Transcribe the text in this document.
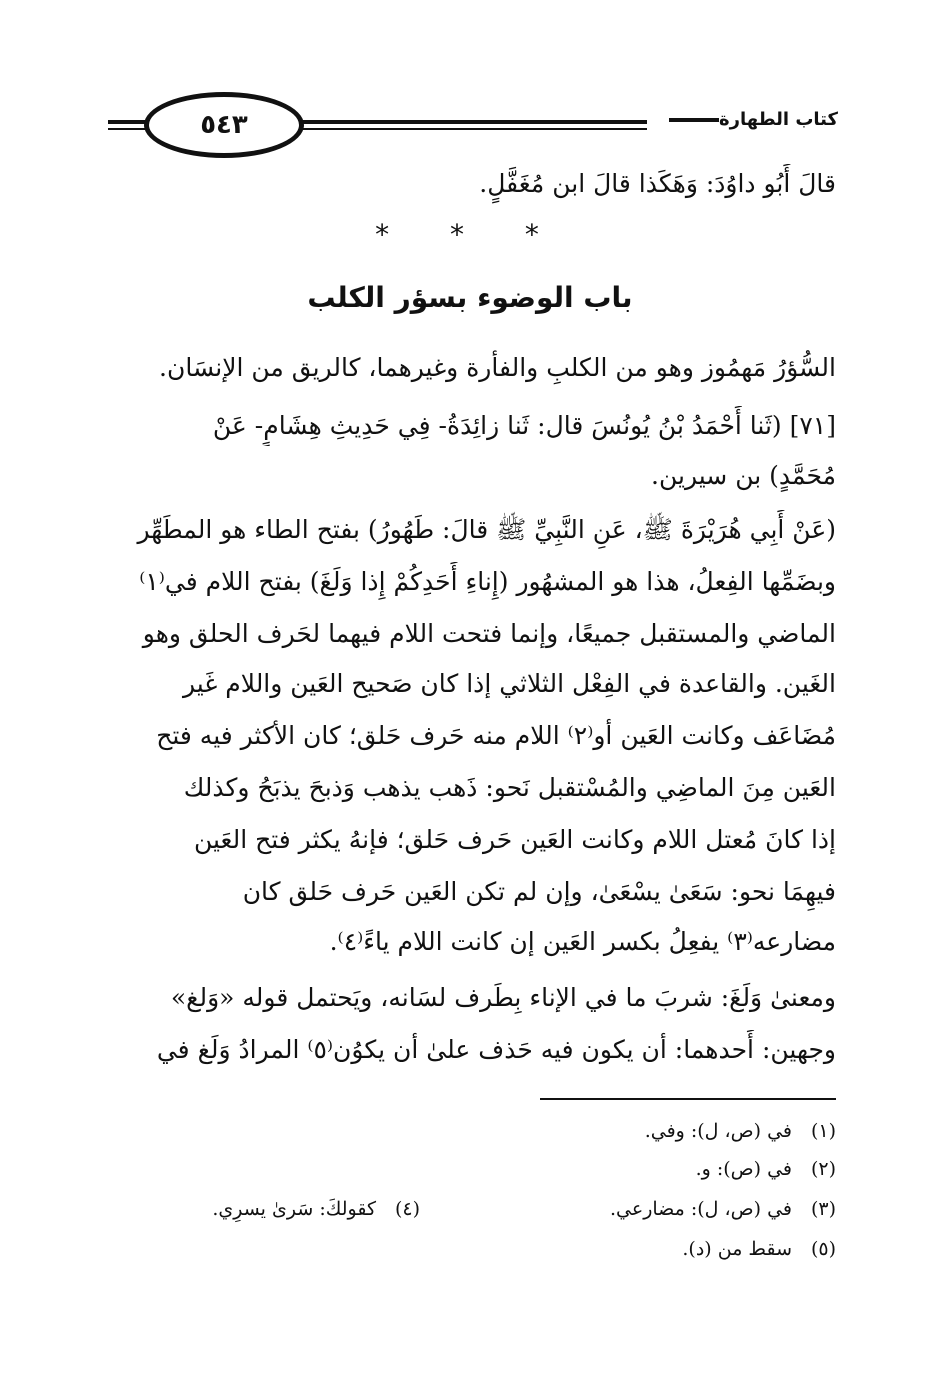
كتاب الطهارة
٥٤٣
قالَ أَبُو داوُدَ: وَهَكَذا قالَ ابن مُغَفَّلٍ.
* * *
باب الوضوء بسؤر الكلب
السُّؤرُ مَهمُوز وهو من الكلبِ والفأرة وغيرهما، كالريق من الإنسَان.
[٧١] (ثَنا أَحْمَدُ بْنُ يُونُسَ قال: ثَنا زائِدَةُ- فِي حَدِيثِ هِشَامٍ- عَنْ
مُحَمَّدٍ) بن سيرين.
(عَنْ أَبِي هُرَيْرَةَ ﷺ، عَنِ النَّبِيِّ ﷺ قالَ: طَهُورُ) بفتح الطاء هو المطَهِّر
وبضَمِّها الفِعلُ، هذا هو المشهُور (إِناءِ أَحَدِكُمْ إِذا وَلَغَ) بفتح اللام في⁽١⁾
الماضي والمستقبل جميعًا، وإنما فتحت اللام فيهما لحَرف الحلق وهو
الغَين. والقاعدة في الفِعْل الثلاثي إذا كان صَحيح العَين واللام غَير
مُضَاعَف وكانت العَين أو⁽٢⁾ اللام منه حَرف حَلق؛ كان الأكثر فيه فتح
العَين مِنَ الماضِي والمُسْتقبل نَحو: ذَهب يذهب وَذبحَ يذبَحُ وكذلك
إذا كانَ مُعتل اللام وكانت العَين حَرف حَلق؛ فإنهُ يكثر فتح العَين
فيهِمَا نحو: سَعَىٰ يسْعَىٰ، وإن لم تكن العَين حَرف حَلق كان
مضارعه⁽٣⁾ يفعِلُ بكسر العَين إن كانت اللام ياءً⁽٤⁾.
ومعنىٰ وَلَغَ: شربَ ما في الإناء بِطَرف لسَانه، ويَحتمل قوله «وَلغ»
وجهين: أَحدهما: أن يكون فيه حَذف علىٰ أن يكوُن⁽٥⁾ المرادُ وَلَغ في
(١)في (ص، ل): وفي.
(٢)في (ص): و.
(٣)في (ص، ل): مضارعي.
(٤)كقولكَ: سَرىٰ يسرِي.
(٥)سقط من (د).
